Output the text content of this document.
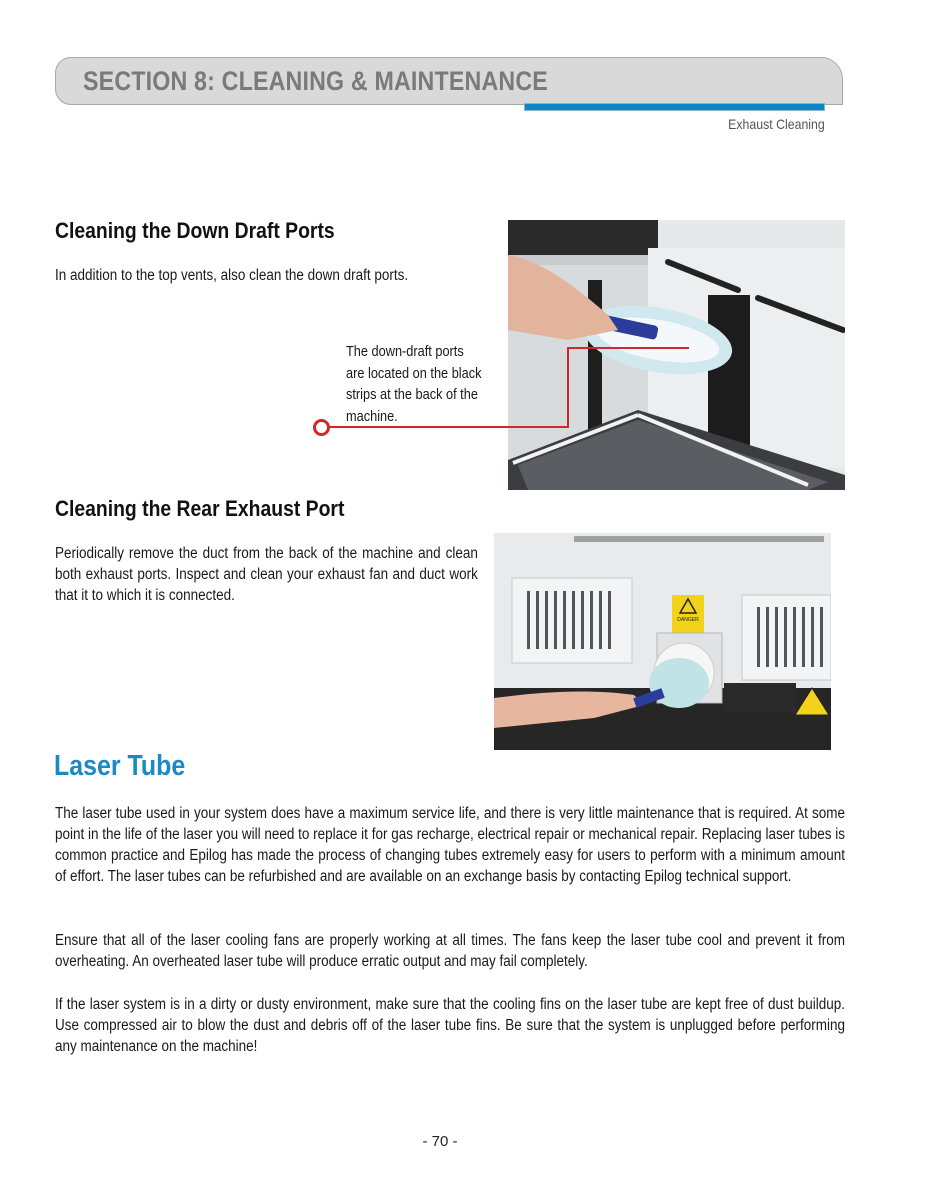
SECTION 8: CLEANING & MAINTENANCE
Exhaust Cleaning
Cleaning the Down Draft Ports
In addition to the top vents, also clean the down draft ports.
The down-draft ports
are located on the black
strips at the back of the
machine.
Cleaning the Rear Exhaust Port
Periodically remove the duct from the back of the machine and clean both exhaust ports. Inspect and clean your exhaust fan and duct work that it to which it is connected.
DANGER
Laser Tube
The laser tube used in your system does have a maximum service life, and there is very little maintenance that is required. At some point in the life of the laser you will need to replace it for gas recharge, electrical repair or mechanical repair. Replacing laser tubes is common practice and Epilog has made the process of changing tubes extremely easy for users to perform with a minimum amount of effort. The laser tubes can be refurbished and are available on an exchange basis by contacting Epilog technical support.
Ensure that all of the laser cooling fans are properly working at all times. The fans keep the laser tube cool and prevent it from overheating. An overheated laser tube will produce erratic output and may fail completely.
If the laser system is in a dirty or dusty environment, make sure that the cooling fins on the laser tube are kept free of dust buildup. Use compressed air to blow the dust and debris off of the laser tube fins. Be sure that the system is unplugged before performing any maintenance on the machine!
- 70 -
